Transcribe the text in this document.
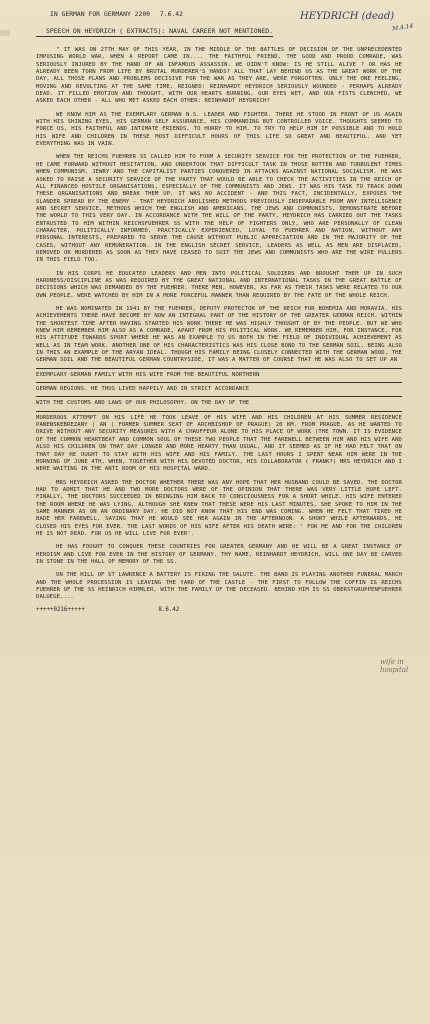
IN GERMAN FOR GERMANY 2200 7.6.42
SPEECH ON HEYDRICH ( EXTRACTS): NAVAL CAREER NOT MENTIONED.

" IT WAS ON 27TH MAY OF THIS YEAR, IN THE MIDDLE OF THE BATTLES OF DECISION OF THE UNPRECEDENTED IMPOSING WORLD WAR, WHEN A REPORT CAME IN.... THE FAITHFUL FRIEND, THE GOOD AND PROUD COMRADE, WAS SERIOUSLY INJURED BY THE HAND OF AN INFAMOUS ASSASSIN. WE DIDN'T KNOW: IS HE STILL ALIVE ? OR HAS HE ALREADY BEEN TORN FROM LIFE BY BRUTAL MURDERER'S HANDS? ALL THAT LAY BEHIND US AS THE GREAT WORK OF THE DAY, ALL THOSE PLANS AND PROBLEMS DECISIVE FOR THE WAR AS THEY ARE, WERE FORGOTTEN. ONLY THE ONE FEELING, MOVING AND REVOLTING AT THE SAME TIME, REIGNED: REINHARDT HEYDRICH SERIOUSLY WOUNDED - PERHAPS ALREADY DEAD. IT FILLED EMOTION AND THOUGHT. WITH OUR HEARTS BURNING, OUR EYES WET, AND OUR FISTS CLENCHED, WE ASKED EACH OTHER - ALL WHO MET ASKED EACH OTHER: REINHARDT HEYDRICH?

WE KNOW HIM AS THE EXEMPLARY GERMAN N.S. LEADER AND FIGHTER. THERE HE STOOD IN FRONT OF US AGAIN WITH HIS SHINING EYES, HIS GERMAN SELF ASSURANCE, HIS COMMANDING BUT CONTROLLED VOICE. THOUGHTS SEEMED TO FORCE US, HIS FAITHFUL AND INTIMATE FRIENDS, TO HURRY TO HIM, TO TRY TO HELP HIM IF POSSIBLE AND TO HOLD HIS WIFE AND CHILDREN IN THESE MOST DIFFICULT HOURS OF THIS LIFE SO GREAT AND BEAUTIFUL. AND YET EVERYTHING WAS IN VAIN.

WHEN THE REICHS FUEHRER SS CALLED HIM TO FORM A SECURITY SERVICE FOR THE PROTECTION OF THE FUEHRER, HE CAME FORWARD WITHOUT HESITATION, AND UNDERTOOK THAT DIFFICULT TASK IN THOSE ROTTEN AND TURBULENT TIMES WHEN COMMUNISM, JEWRY AND THE CAPITALIST PARTIES CONQUERED IN ATTACKS AGAINST NATIONAL SOCIALISM. HE WAS ASKED TO RAISE A SECURITY SERVICE OF THE PARTY THAT WOULD BE ABLE TO CHECK THE ACTIVITIES IN THE REICH OF ALL FINANCED HOSTILE ORGANISATIONS, ESPECIALLY OF THE COMMUNISTS AND JEWS. IT WAS HIS TASK TO TRACK DOWN THESE ORGANISATIONS AND BREAK THEM UP. IT WAS NO ACCIDENT - AND THIS FACT, INCIDENTALLY, EXPOSES THE SLANDER SPREAD BY THE ENEMY - THAT HEYDRICH ABOLISHED METHODS PREVIOUSLY INSEPARABLE FROM ANY INTELLIGENCE AND SECRET SERVICE, METHODS WHICH THE ENGLISH AND AMERICANS, THE JEWS AND COMMUNISTS, DEMONSTRATE BEFORE THE WORLD TO THIS VERY DAY. IN ACCORDANCE WITH THE WILL OF THE PARTY, HEYDRICH HAS CARRIED OUT THE TASKS ENTRUSTED TO HIM WITHIN REICHSFUEHRER SS WITH THE HELP OF FIGHTERS ONLY, WHO ARE PERSONALLY OF CLEAN CHARACTER, POLITICALLY INFORMED, PRACTICALLY EXPERIENCED, LOYAL TO FUEHRER AND NATION, WITHOUT ANY PERSONAL INTERESTS, PREPARED TO SERVE THE CAUSE WITHOUT PUBLIC APPRECIATION AND IN THE MAJORITY OF THE CASES, WITHOUT ANY REMUNERATION. IN THE ENGLISH SECRET SERVICE, LEADERS AS WELL AS MEN ARE DISPLACED, REMOVED OR MURDERED AS SOON AS THEY HAVE CEASED TO SUIT THE JEWS AND COMMUNISTS WHO ARE THE WIRE PULLERS IN THIS FIELD TOO.

IN HIS CORPS HE EDUCATED LEADERS AND MEN INTO POLITICAL SOLDIERS AND BROUGHT THEM UP IN SUCH HARDNESS/DISCIPLINE AS WAS REQUIRED BY THE GREAT NATIONAL AND INTERNATIONAL TASKS IN THE GREAT BATTLE OF DECISIONS WHICH WAS DEMANDED BY THE FUEHRER. THERE MEN, HOWEVER, AS FAR AS THEIR TASKS WERE RELATED TO OUR OWN PEOPLE, WERE WATCHED BY HIM IN A MORE FORCEFUL MANNER THAN REQUIRED BY THE FATE OF THE WHOLE REICH.

HE WAS NOMINATED IN 1941 BY THE FUEHRER, DEPUTY PROTECTOR OF THE REICH FOR BOHEMIA AND MORAVIA. HIS ACHIEVEMENTS THERE HAVE BECOME BY NOW AN INTEGRAL PART OF THE HISTORY OF THE GREATER GERMAN REICH. WITHIN THE SHORTEST TIME AFTER HAVING STARTED HIS WORK THERE HE WAS HIGHLY THOUGHT OF BY THE PEOPLE. BUT WE WHO KNEW HIM REMEMBER HIM ALSO AS A COMRADE, APART FROM HIS POLITICAL WORK. WE REMEMBER HIM, FOR INSTANCE, FOR HIS ATTITUDE TOWARDS SPORT WHERE HE WAS AN EXAMPLE TO US BOTH IN THE FIELD OF INDIVIDUAL ACHIEVEMENT AS WELL AS IN TEAM WORK. ANOTHER ONE OF HIS CHARACTERISTICS WAS HIS CLOSE BOND TO THE GERMAN SOIL, BEING ALSO IN THIS AN EXAMPLE OF THE ARYAN IDEAL. THOUGH HIS FAMILY BEING CLOSELY CONNECTED WITH THE GERMAN WOOD, THE GERMAN SOIL AND THE BEAUTIFUL GERMAN COUNTRYSIDE, IT WAS A MATTER OF COURSE THAT HE WAS ALSO TO SET UP AN

EXEMPLARY GERMAN FAMILY WITH HIS WIFE FROM THE BEAUTIFUL NORTHERN
GERMAN REGIONS. HE THUS LIVED HAPPILY AND IN STRICT ACCORDANCE
WITH THE CUSTOMS AND LAWS OF OUR PHILOSOPHY. ON THE DAY OF THE

MURDEROUS ATTEMPT ON HIS LIFE HE TOOK LEAVE OF HIS WIFE AND HIS CHILDREN AT HIS SUMMER RESIDENCE PANENSKEBREZANY ( AN ( FORMER SUMMER SEAT OF ARCHBISHOP OF PRAGUE) 20 KM. FROM PRAGUE, AS HE WANTED TO DRIVE WITHOUT ANY SECURITY MEASURES WITH A CHAUFFEUR ALONE TO HIS PLACE OF WORK (THE TOWN. IT IS EVIDENCE OF THE COMMON HEARTBEAT AND COMMON SOUL OF THESE TWO PEOPLE THAT THE FAREWELL BETWEEN HIM AND HIS WIFE AND ALSO HIS CHILDREN ON THAT DAY LONGER AND MORE HEARTY THAN USUAL, AND IT SEEMED AS IF HE HAD FELT THAT ON THAT DAY HE OUGHT TO STAY WITH HIS WIFE AND HIS FAMILY. THE LAST HOURS I SPENT NEAR HIM WERE IN THE MORNING OF JUNE 4TH, WHEN, TOGETHER WITH HIS DEVOTED DOCTOR, HIS COLLABORATOR ( FRANK?) MRS HEYDRICH AND I WERE WAITING IN THE ANTI ROOM OF HIS HOSPITAL WARD.

MRS HEYDRICH ASKED THE DOCTOR WHETHER THERE WAS ANY HOPE THAT HER HUSBAND COULD BE SAVED. THE DOCTOR HAD TO ADMIT THAT HE AND TWO MORE DOCTORS WERE OF THE OPINION THAT THERE WAS VERY LITTLE HOPE LEFT. FINALLY, THE DOCTORS SUCCEEDED IN BRINGING HIM BACK TO CONSCIOUSNESS FOR A SHORT WHILE. HIS WIFE ENTERED THE ROOM WHERE HE WAS LYING, ALTHOUGH SHE KNEW THAT THESE WERE HIS LAST MINUTES, SHE SPOKE TO HIM IN THE SAME MANNER AS ON AN ORDINARY DAY. HE DID NOT KNOW THAT HIS END WAS COMING. WHEN HE FELT THAT TIRED HE BADE HER FAREWELL, SAYING THAT HE WOULD SEE HER AGAIN IN THE AFTERNOON. A SHORT WHILE AFTERWARDS, HE CLOSED HIS EYES FOR EVER. THE LAST WORDS OF HIS WIFE AFTER HIS DEATH WERE: ' FOR ME AND FOR THE CHILDREN HE IS NOT DEAD. FOR US HE WILL LIVE FOR EVER'.

HE HAS FOUGHT TO CONQUER THESE COUNTRIES FOR GREATER GERMANY AND HE WILL BE A GREAT INSTANCE OF HEROISM AND LIVE FOR EVER IN THE HISTORY OF GERMANY. THY NAME, REINHARDT HEYDRICH, WILL ONE DAY BE CARVED IN STONE IN THE HALL OF MEMORY OF THE SS.

ON THE HILL OF ST LAWRENCE A BATTERY IS FIRING THE SALUTE. THE BAND IS PLAYING ANOTHER FUNERAL MARCH AND THE WHOLE PROCESSION IS LEAVING THE YARD OF THE CASTLE - THE FIRST TO FOLLOW THE COFFIN IS REICHS FUEHRER OF THE SS HEINRICH HIMMLER, WITH THE FAMILY OF THE DECEASED. BEHIND HIM IS SS OBERSTGRUPPENFUEHRER DALUEGE....

+++++0216+++++	8.6.42
HEYDRICH (dead)
M.4.14
wife in hospital
